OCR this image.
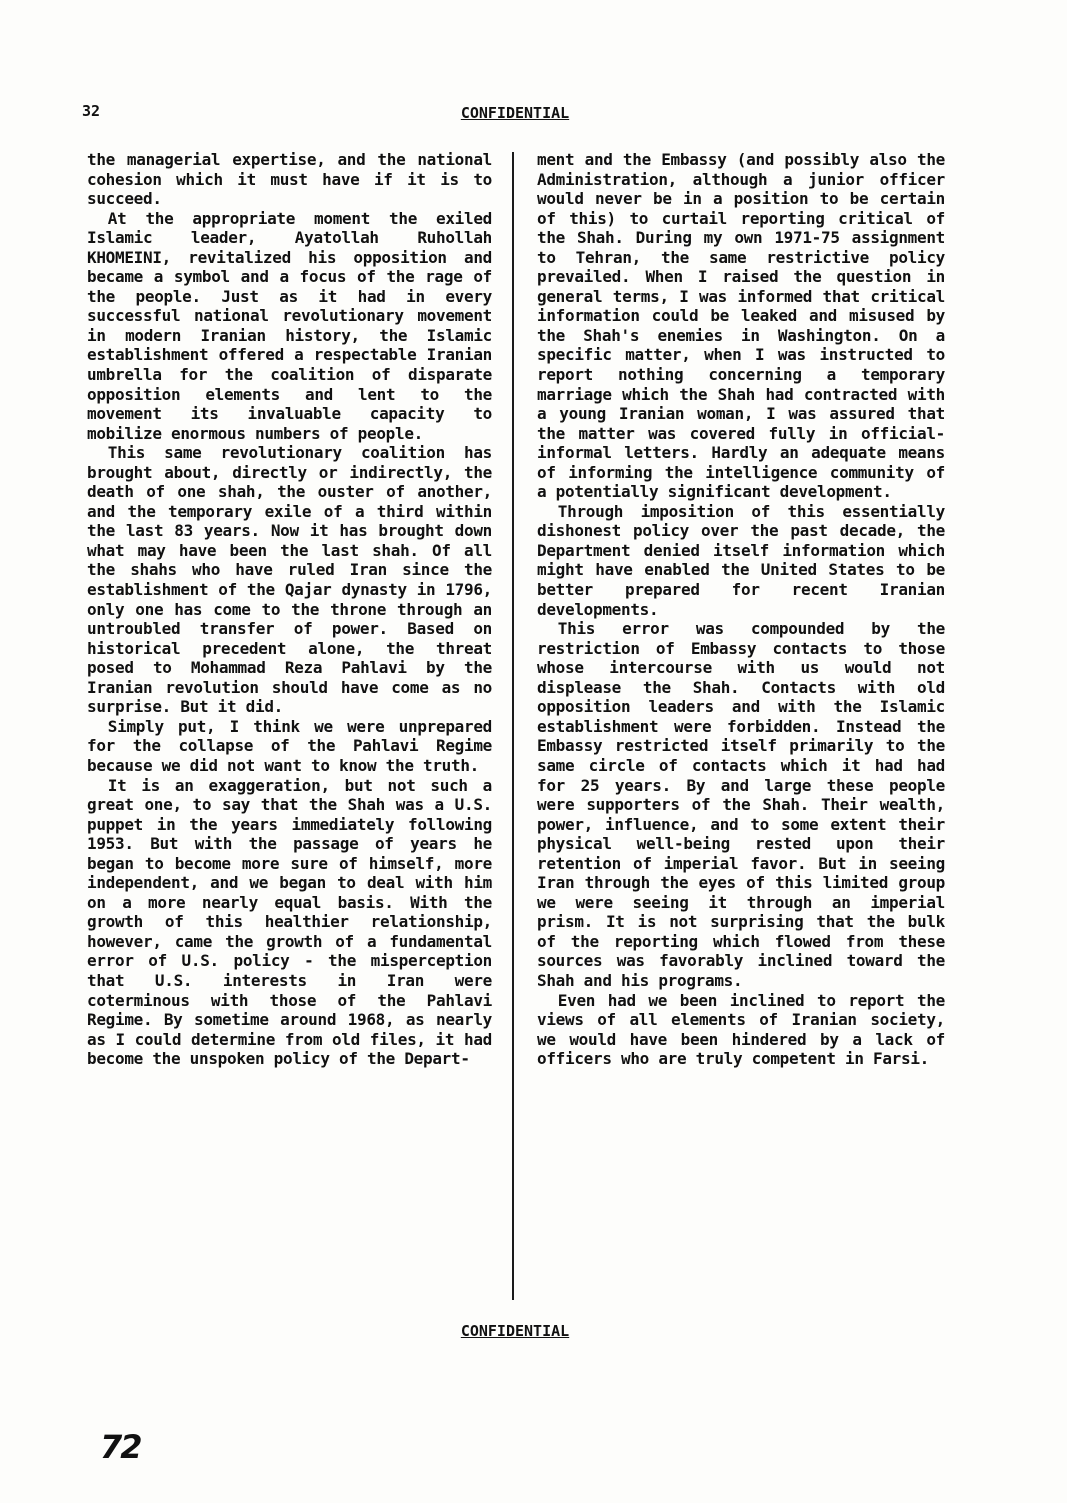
32	CONFIDENTIAL

the managerial expertise, and the national cohesion which it must have if it is to succeed.

At the appropriate moment the exiled Islamic leader, Ayatollah Ruhollah KHOMEINI, revitalized his opposition and became a symbol and a focus of the rage of the people. Just as it had in every successful national revolutionary movement in modern Iranian history, the Islamic establishment offered a respectable Iranian umbrella for the coalition of disparate opposition elements and lent to the movement its invaluable capacity to mobilize enormous numbers of people.

This same revolutionary coalition has brought about, directly or indirectly, the death of one shah, the ouster of another, and the temporary exile of a third within the last 83 years. Now it has brought down what may have been the last shah. Of all the shahs who have ruled Iran since the establishment of the Qajar dynasty in 1796, only one has come to the throne through an untroubled transfer of power. Based on historical precedent alone, the threat posed to Mohammad Reza Pahlavi by the Iranian revolution should have come as no surprise. But it did.

Simply put, I think we were unprepared for the collapse of the Pahlavi Regime because we did not want to know the truth.

It is an exaggeration, but not such a great one, to say that the Shah was a U.S. puppet in the years immediately following 1953. But with the passage of years he began to become more sure of himself, more independent, and we began to deal with him on a more nearly equal basis. With the growth of this healthier relationship, however, came the growth of a fundamental error of U.S. policy - the misperception that U.S. interests in Iran were coterminous with those of the Pahlavi Regime. By sometime around 1968, as nearly as I could determine from old files, it had become the unspoken policy of the Depart-

ment and the Embassy (and possibly also the Administration, although a junior officer would never be in a position to be certain of this) to curtail reporting critical of the Shah. During my own 1971-75 assignment to Tehran, the same restrictive policy prevailed. When I raised the question in general terms, I was informed that critical information could be leaked and misused by the Shah's enemies in Washington. On a specific matter, when I was instructed to report nothing concerning a temporary marriage which the Shah had contracted with a young Iranian woman, I was assured that the matter was covered fully in official-informal letters. Hardly an adequate means of informing the intelligence community of a potentially significant development.

Through imposition of this essentially dishonest policy over the past decade, the Department denied itself information which might have enabled the United States to be better prepared for recent Iranian developments.

This error was compounded by the restriction of Embassy contacts to those whose intercourse with us would not displease the Shah. Contacts with old opposition leaders and with the Islamic establishment were forbidden. Instead the Embassy restricted itself primarily to the same circle of contacts which it had had for 25 years. By and large these people were supporters of the Shah. Their wealth, power, influence, and to some extent their physical well-being rested upon their retention of imperial favor. But in seeing Iran through the eyes of this limited group we were seeing it through an imperial prism. It is not surprising that the bulk of the reporting which flowed from these sources was favorably inclined toward the Shah and his programs.

Even had we been inclined to report the views of all elements of Iranian society, we would have been hindered by a lack of officers who are truly competent in Farsi.

CONFIDENTIAL
72
